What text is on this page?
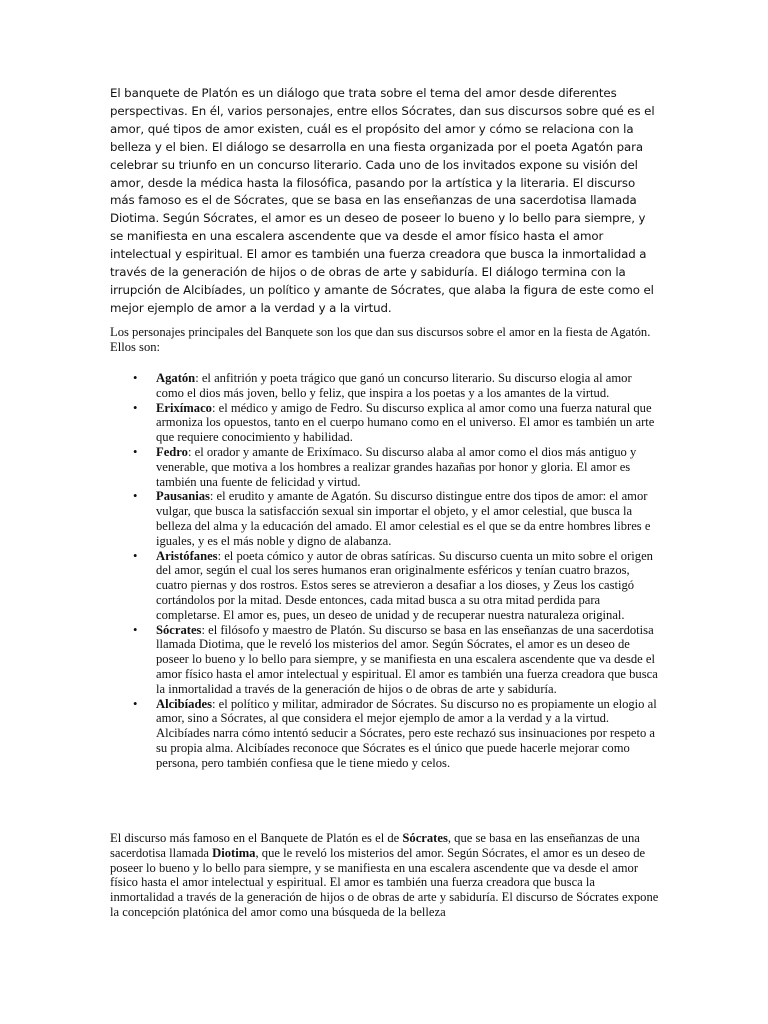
El banquete de Platón es un diálogo que trata sobre el tema del amor desde diferentes perspectivas. En él, varios personajes, entre ellos Sócrates, dan sus discursos sobre qué es el amor, qué tipos de amor existen, cuál es el propósito del amor y cómo se relaciona con la belleza y el bien. El diálogo se desarrolla en una fiesta organizada por el poeta Agatón para celebrar su triunfo en un concurso literario. Cada uno de los invitados expone su visión del amor, desde la médica hasta la filosófica, pasando por la artística y la literaria. El discurso más famoso es el de Sócrates, que se basa en las enseñanzas de una sacerdotisa llamada Diotima. Según Sócrates, el amor es un deseo de poseer lo bueno y lo bello para siempre, y se manifiesta en una escalera ascendente que va desde el amor físico hasta el amor intelectual y espiritual. El amor es también una fuerza creadora que busca la inmortalidad a través de la generación de hijos o de obras de arte y sabiduría. El diálogo termina con la irrupción de Alcibíades, un político y amante de Sócrates, que alaba la figura de este como el mejor ejemplo de amor a la verdad y a la virtud.

Los personajes principales del Banquete son los que dan sus discursos sobre el amor en la fiesta de Agatón. Ellos son:

• Agatón: el anfitrión y poeta trágico que ganó un concurso literario. Su discurso elogia al amor como el dios más joven, bello y feliz, que inspira a los poetas y a los amantes de la virtud.
• Erixímaco: el médico y amigo de Fedro. Su discurso explica al amor como una fuerza natural que armoniza los opuestos, tanto en el cuerpo humano como en el universo. El amor es también un arte que requiere conocimiento y habilidad.
• Fedro: el orador y amante de Erixímaco. Su discurso alaba al amor como el dios más antiguo y venerable, que motiva a los hombres a realizar grandes hazañas por honor y gloria. El amor es también una fuente de felicidad y virtud.
• Pausanias: el erudito y amante de Agatón. Su discurso distingue entre dos tipos de amor: el amor vulgar, que busca la satisfacción sexual sin importar el objeto, y el amor celestial, que busca la belleza del alma y la educación del amado. El amor celestial es el que se da entre hombres libres e iguales, y es el más noble y digno de alabanza.
• Aristófanes: el poeta cómico y autor de obras satíricas. Su discurso cuenta un mito sobre el origen del amor, según el cual los seres humanos eran originalmente esféricos y tenían cuatro brazos, cuatro piernas y dos rostros. Estos seres se atrevieron a desafiar a los dioses, y Zeus los castigó cortándolos por la mitad. Desde entonces, cada mitad busca a su otra mitad perdida para completarse. El amor es, pues, un deseo de unidad y de recuperar nuestra naturaleza original.
• Sócrates: el filósofo y maestro de Platón. Su discurso se basa en las enseñanzas de una sacerdotisa llamada Diotima, que le reveló los misterios del amor. Según Sócrates, el amor es un deseo de poseer lo bueno y lo bello para siempre, y se manifiesta en una escalera ascendente que va desde el amor físico hasta el amor intelectual y espiritual. El amor es también una fuerza creadora que busca la inmortalidad a través de la generación de hijos o de obras de arte y sabiduría.
• Alcibíades: el político y militar, admirador de Sócrates. Su discurso no es propiamente un elogio al amor, sino a Sócrates, al que considera el mejor ejemplo de amor a la verdad y a la virtud. Alcibíades narra cómo intentó seducir a Sócrates, pero este rechazó sus insinuaciones por respeto a su propia alma. Alcibíades reconoce que Sócrates es el único que puede hacerle mejorar como persona, pero también confiesa que le tiene miedo y celos.

El discurso más famoso en el Banquete de Platón es el de Sócrates, que se basa en las enseñanzas de una sacerdotisa llamada Diotima, que le reveló los misterios del amor. Según Sócrates, el amor es un deseo de poseer lo bueno y lo bello para siempre, y se manifiesta en una escalera ascendente que va desde el amor físico hasta el amor intelectual y espiritual. El amor es también una fuerza creadora que busca la inmortalidad a través de la generación de hijos o de obras de arte y sabiduría. El discurso de Sócrates expone la concepción platónica del amor como una búsqueda de la belleza
